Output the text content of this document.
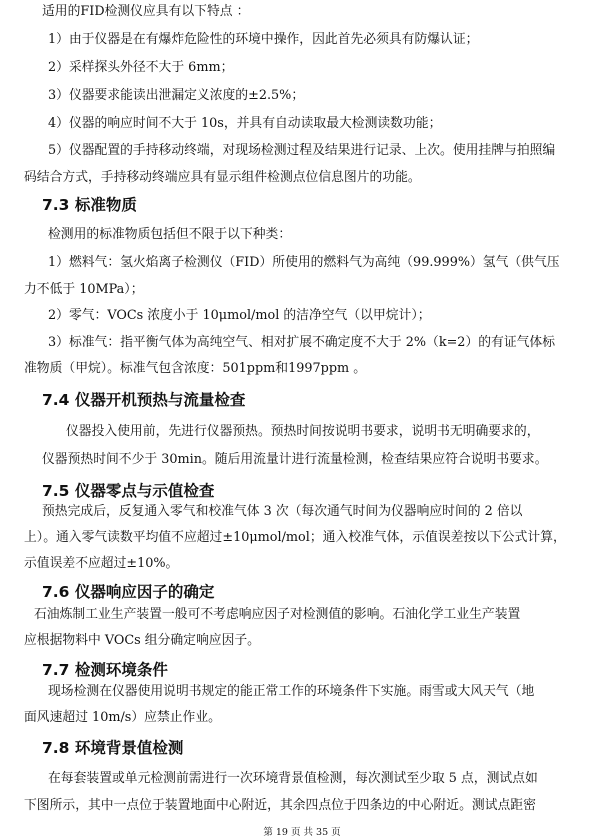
适用的FID检测仪应具有以下特点 ：
1）由于仪器是在有爆炸危险性的环境中操作，因此首先必须具有防爆认证；
2）采样探头外径不大于 6mm；
3）仪器要求能读出泄漏定义浓度的±2.5%；
4）仪器的响应时间不大于 10s，并具有自动读取最大检测读数功能；
5）仪器配置的手持移动终端，对现场检测过程及结果进行记录、上次。使用挂牌与拍照编
码结合方式，手持移动终端应具有显示组件检测点位信息图片的功能。
7.3 标准物质
检测用的标准物质包括但不限于以下种类：
1）燃料气：氢火焰离子检测仪（FID）所使用的燃料气为高纯（99.999%）氢气（供气压
力不低于 10MPa）；
2）零气：VOCs 浓度小于 10μmol/mol 的洁净空气（以甲烷计）；
3）标准气：指平衡气体为高纯空气、相对扩展不确定度不大于 2%（k=2）的有证气体标
准物质（甲烷）。标准气包含浓度：501ppm和1997ppm 。
7.4 仪器开机预热与流量检查
仪器投入使用前，先进行仪器预热。预热时间按说明书要求，说明书无明确要求的，
仪器预热时间不少于 30min。随后用流量计进行流量检测，检查结果应符合说明书要求。
7.5 仪器零点与示值检查
预热完成后，反复通入零气和校准气体 3 次（每次通气时间为仪器响应时间的 2 倍以
上）。通入零气读数平均值不应超过±10μmol/mol；通入校准气体，示值误差按以下公式计算，
示值误差不应超过±10%。
7.6 仪器响应因子的确定
石油炼制工业生产装置一般可不考虑响应因子对检测值的影响。石油化学工业生产装置
应根据物料中 VOCs 组分确定响应因子。
7.7 检测环境条件
现场检测在仪器使用说明书规定的能正常工作的环境条件下实施。雨雪或大风天气（地
面风速超过 10m/s）应禁止作业。
7.8 环境背景值检测
在每套装置或单元检测前需进行一次环境背景值检测，每次测试至少取 5 点，测试点如
下图所示，其中一点位于装置地面中心附近，其余四点位于四条边的中心附近。测试点距密
第 19 页 共 35 页
